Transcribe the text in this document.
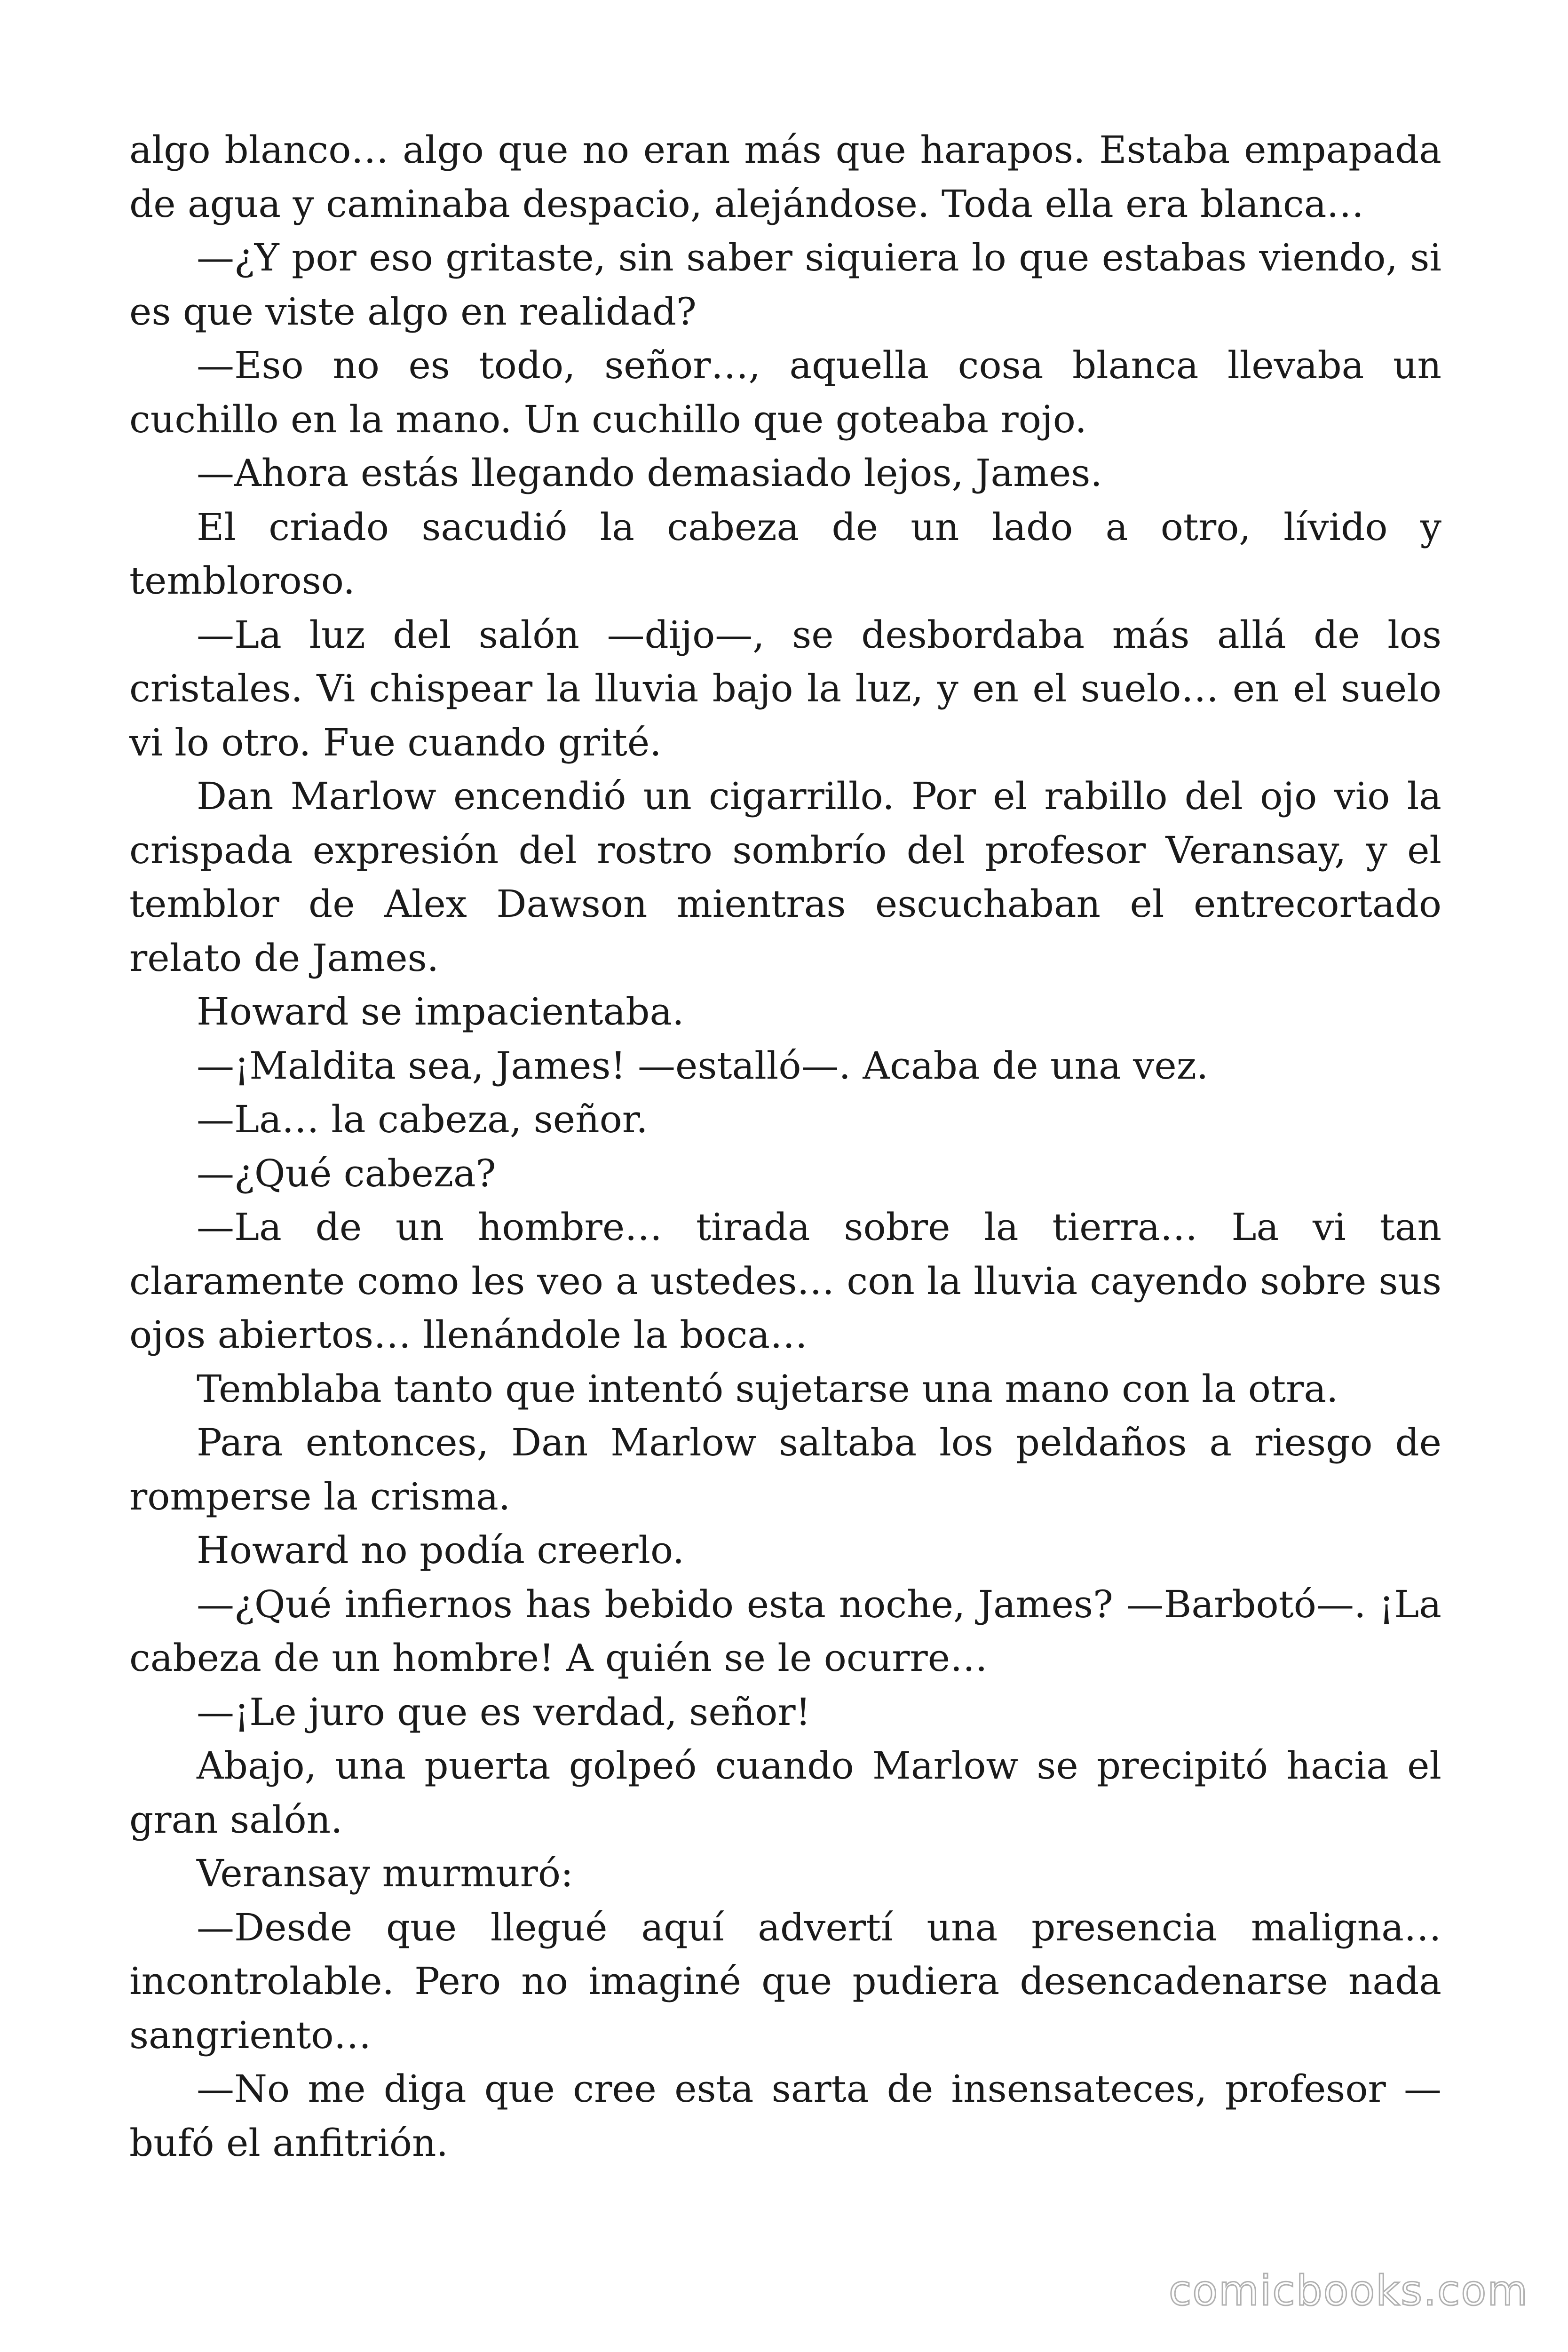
algo blanco… algo que no eran más que harapos. Estaba empapada de agua y caminaba despacio, alejándose. Toda ella era blanca…

—¿Y por eso gritaste, sin saber siquiera lo que estabas viendo, si es que viste algo en realidad?

—Eso no es todo, señor…, aquella cosa blanca llevaba un cuchillo en la mano. Un cuchillo que goteaba rojo.

—Ahora estás llegando demasiado lejos, James.

El criado sacudió la cabeza de un lado a otro, lívido y tembloroso.

—La luz del salón —dijo—, se desbordaba más allá de los cristales. Vi chispear la lluvia bajo la luz, y en el suelo… en el suelo vi lo otro. Fue cuando grité.

Dan Marlow encendió un cigarrillo. Por el rabillo del ojo vio la crispada expresión del rostro sombrío del profesor Veransay, y el temblor de Alex Dawson mientras escuchaban el entrecortado relato de James.

Howard se impacientaba.

—¡Maldita sea, James! —estalló—. Acaba de una vez.

—La… la cabeza, señor.

—¿Qué cabeza?

—La de un hombre… tirada sobre la tierra… La vi tan claramente como les veo a ustedes… con la lluvia cayendo sobre sus ojos abiertos… llenándole la boca…

Temblaba tanto que intentó sujetarse una mano con la otra.

Para entonces, Dan Marlow saltaba los peldaños a riesgo de romperse la crisma.

Howard no podía creerlo.

—¿Qué infiernos has bebido esta noche, James? —Barbotó—. ¡La cabeza de un hombre! A quién se le ocurre…

—¡Le juro que es verdad, señor!

Abajo, una puerta golpeó cuando Marlow se precipitó hacia el gran salón.

Veransay murmuró:

—Desde que llegué aquí advertí una presencia maligna… incontrolable. Pero no imaginé que pudiera desencadenarse nada sangriento…

—No me diga que cree esta sarta de insensateces, profesor —bufó el anfitrión.

comicbooks.com
